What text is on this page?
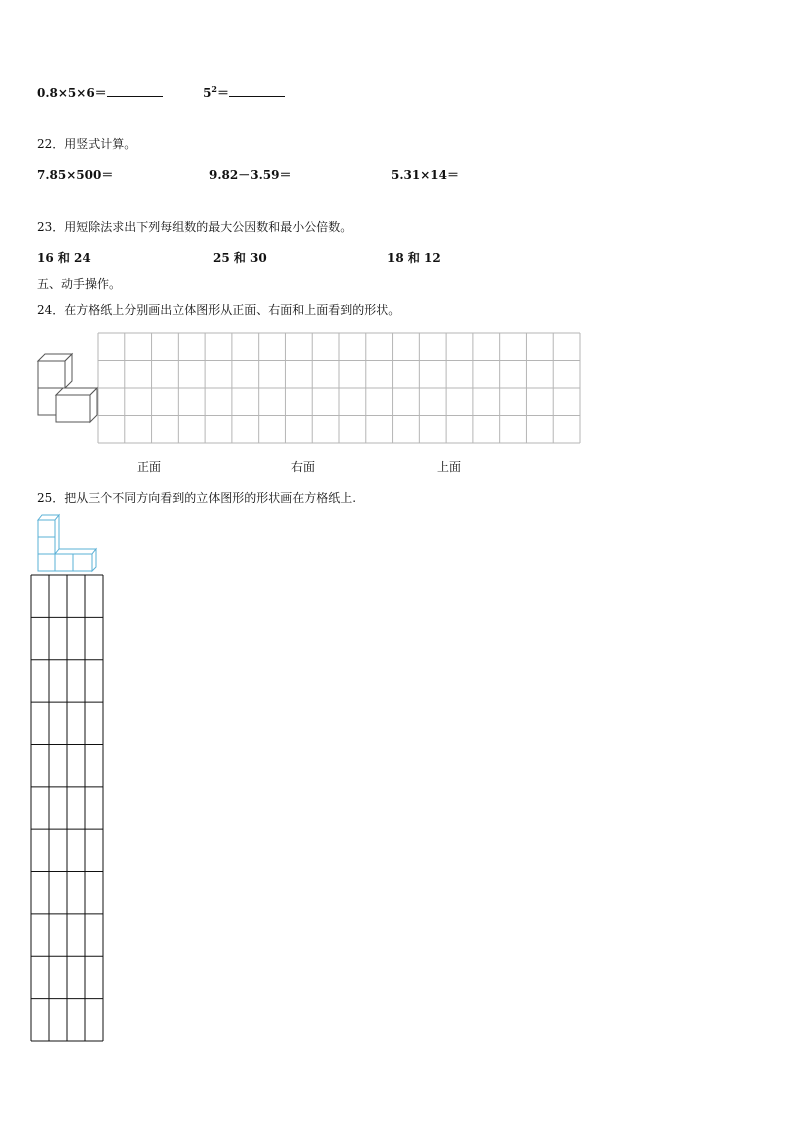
0.8×5×6＝	$5^2=$
22．用竖式计算。
7.85×500＝	9.82－3.59＝	5.31×14＝
23．用短除法求出下列每组数的最大公因数和最小公倍数。
16 和 24	25 和 30	18 和 12
五、动手操作。
24．在方格纸上分别画出立体图形从正面、右面和上面看到的形状。
正面	右面	上面
25．把从三个不同方向看到的立体图形的形状画在方格纸上.
